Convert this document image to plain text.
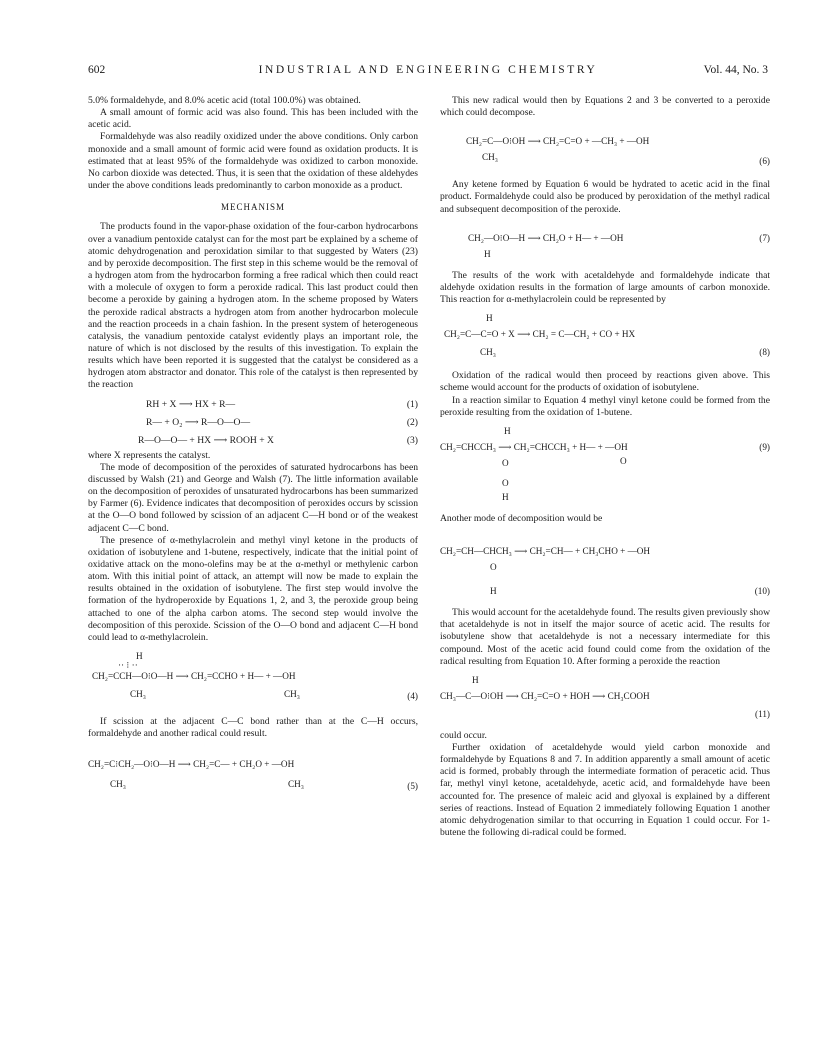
602	INDUSTRIAL AND ENGINEERING CHEMISTRY	Vol. 44, No. 3

5.0% formaldehyde, and 8.0% acetic acid (total 100.0%) was obtained.

A small amount of formic acid was also found. This has been included with the acetic acid.

Formaldehyde was also readily oxidized under the above conditions. Only carbon monoxide and a small amount of formic acid were found as oxidation products. It is estimated that at least 95% of the formaldehyde was oxidized to carbon monoxide. No carbon dioxide was detected. Thus, it is seen that the oxidation of these aldehydes under the above conditions leads predominantly to carbon monoxide as a product.

MECHANISM

The products found in the vapor-phase oxidation of the four-carbon hydrocarbons over a vanadium pentoxide catalyst can for the most part be explained by a scheme of atomic dehydrogenation and peroxidation similar to that suggested by Waters (23) and by peroxide decomposition. The first step in this scheme would be the removal of a hydrogen atom from the hydrocarbon forming a free radical which then could react with a molecule of oxygen to form a peroxide radical. This last product could then become a peroxide by gaining a hydrogen atom. In the scheme proposed by Waters the peroxide radical abstracts a hydrogen atom from another hydrocarbon molecule and the reaction proceeds in a chain fashion. In the present system of heterogeneous catalysis, the vanadium pentoxide catalyst evidently plays an important role, the nature of which is not disclosed by the results of this investigation. To explain the results which have been reported it is suggested that the catalyst be considered as a hydrogen atom abstractor and donator. This role of the catalyst is then represented by the reaction

RH + X ⟶ HX + R—	(1)
R— + O₂ ⟶ R—O—O—	(2)
R—O—O— + HX ⟶ ROOH + X	(3)

where X represents the catalyst.

The mode of decomposition of the peroxides of saturated hydrocarbons has been discussed by Walsh (21) and George and Walsh (7). The little information available on the decomposition of peroxides of unsaturated hydrocarbons has been summarized by Farmer (6). Evidence indicates that decomposition of peroxides occurs by scission at the O—O bond followed by scission of an adjacent C—H bond or of the weakest adjacent C—C bond.

The presence of α-methylacrolein and methyl vinyl ketone in the products of oxidation of isobutylene and 1-butene, respectively, indicate that the initial point of oxidative attack on the mono-olefins may be at the α-methyl or methylenic carbon atom. With this initial point of attack, an attempt will now be made to explain the results obtained in the oxidation of isobutylene. The first step would involve the formation of the hydroperoxide by Equations 1, 2, and 3, the peroxide group being attached to one of the alpha carbon atoms. The second step would involve the decomposition of this peroxide. Scission of the O—O bond and adjacent C—H bond could lead to α-methylacrolein.

H
·· ⁝ ··
CH₂=CCH—O⁝O—H ⟶ CH₂=CCHO + H— + —OH
CH₃	CH₃	(4)

If scission at the adjacent C—C bond rather than at the C—H occurs, formaldehyde and another radical could result.

CH₂=C⁝CH₂—O⁝O—H ⟶ CH₂=C— + CH₂O + —OH
CH₃	CH₃	(5)

This new radical would then by Equations 2 and 3 be converted to a peroxide which could decompose.

CH₂=C—O⁝OH ⟶ CH₂=C=O + —CH₃ + —OH
CH₃	(6)

Any ketene formed by Equation 6 would be hydrated to acetic acid in the final product. Formaldehyde could also be produced by peroxidation of the methyl radical and subsequent decomposition of the peroxide.

CH₂—O⁝O—H ⟶ CH₂O + H— + —OH
H
(7)

The results of the work with acetaldehyde and formaldehyde indicate that aldehyde oxidation results in the formation of large amounts of carbon monoxide. This reaction for α-methylacrolein could be represented by

H
CH₂=C—C=O + X ⟶ CH₂ = C—CH₂ + CO + HX
CH₃	(8)

Oxidation of the radical would then proceed by reactions given above. This scheme would account for the products of oxidation of isobutylene.

In a reaction similar to Equation 4 methyl vinyl ketone could be formed from the peroxide resulting from the oxidation of 1-butene.

H
CH₂=CHCCH₃ ⟶ CH₂=CHCCH₃ + H— + —OH
O	O
O
H
(9)

Another mode of decomposition would be

CH₂=CH—CHCH₃ ⟶ CH₂=CH— + CH₃CHO + —OH
O
H	(10)

This would account for the acetaldehyde found. The results given previously show that acetaldehyde is not in itself the major source of acetic acid. The results for isobutylene show that acetaldehyde is not a necessary intermediate for this compound. Most of the acetic acid found could come from the oxidation of the radical resulting from Equation 10. After forming a peroxide the reaction

H
CH₃—C—O⁝OH ⟶ CH₂=C=O + HOH ⟶ CH₃COOH
(11)

could occur.

Further oxidation of acetaldehyde would yield carbon monoxide and formaldehyde by Equations 8 and 7. In addition apparently a small amount of acetic acid is formed, probably through the intermediate formation of peracetic acid. Thus far, methyl vinyl ketone, acetaldehyde, acetic acid, and formaldehyde have been accounted for. The presence of maleic acid and glyoxal is explained by a different series of reactions. Instead of Equation 2 immediately following Equation 1 another atomic dehydrogenation similar to that occurring in Equation 1 could occur. For 1-butene the following di-radical could be formed.
